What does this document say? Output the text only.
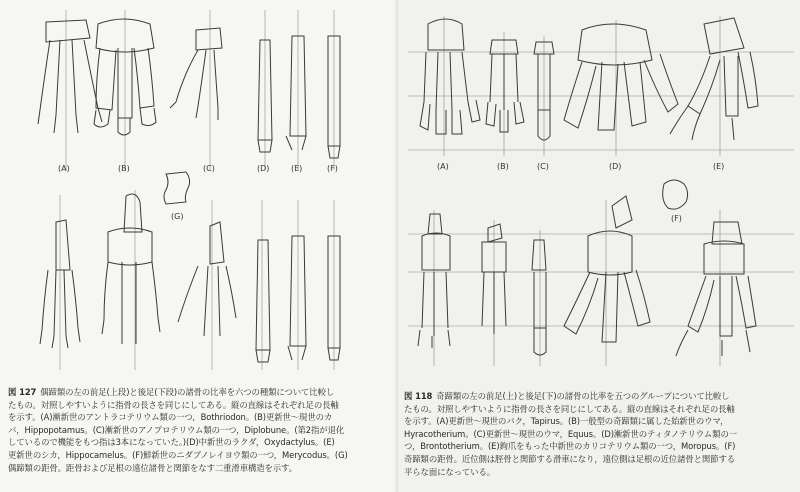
(A)	(B)	(C)	(D)	(E)	(F)
(G)

図 127 偶蹄類の左の前足(上段)と後足(下段)の諸骨の比率を六つの種類について比較し

たもの。対照しやすいように指骨の長さを同じにしてある。縦の直線はそれぞれ足の長軸

を示す。(A)漸新世のアントラコテリウム類の一つ，Bothriodon。(B)更新世～現世のカ

バ，Hippopotamus。(C)漸新世のアノプロテリウム類の一つ，Diplobune。(第2指が退化

しているので機能をもつ指は3本になっていた。)(D)中新世のラクダ，Oxydactylus。(E)

更新世のシカ，Hippocamelus。(F)鮮新世のニダブノレイヨウ類の一つ，Merycodus。(G)

偶蹄類の距骨。距骨および足根の遠位諸骨と関節をなす二重滑車構造を示す。

(A)	(B)	(C)	(D)	(E)
(F)

図 118 奇蹄類の左の前足(上)と後足(下)の諸骨の比率を五つのグループについて比較し

たもの。対照しやすいように指骨の長さを同じにしてある。縦の直線はそれぞれ足の長軸

を示す。(A)更新世～現世のバク，Tapirus。(B)一般型の奇蹄類に属した始新世のウマ，

Hyracotherium。(C)更新世～現世のウマ，Equus。(D)漸新世のティタノテリウム類の一

つ，Brontotherium。(E)鉤爪をもった中新世のカリコテリウム類の一つ，Moropus。(F)

奇蹄類の距骨。近位側は脛骨と関節する滑車になり，遠位側は足根の近位諸骨と関節する

平らな面になっている。
